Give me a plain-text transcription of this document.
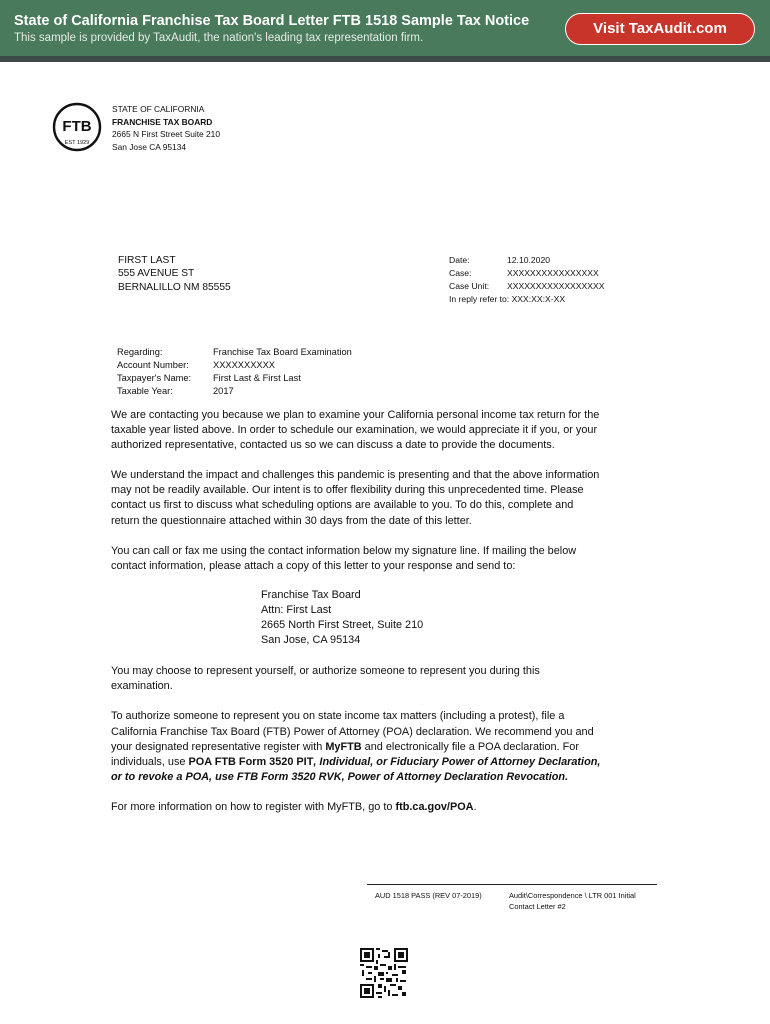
State of California Franchise Tax Board Letter FTB 1518 Sample Tax Notice
This sample is provided by TaxAudit, the nation's leading tax representation firm.
Visit TaxAudit.com
FTB
EST 1929
STATE OF CALIFORNIA
FRANCHISE TAX BOARD
2665 N First Street Suite 210
San Jose CA 95134
FIRST LAST
555 AVENUE ST
BERNALILLO NM 85555
Date:	12.10.2020
Case:	XXXXXXXXXXXXXXXX
Case Unit:	XXXXXXXXXXXXXXXXX
In reply refer to: XXX:XX:X-XX
Regarding:	Franchise Tax Board Examination
Account Number:	XXXXXXXXXX
Taxpayer's Name:	First Last & First Last
Taxable Year:	2017

We are contacting you because we plan to examine your California personal income tax return for the taxable year listed above. In order to schedule our examination, we would appreciate it if you, or your authorized representative, contacted us so we can discuss a date to provide the documents.

We understand the impact and challenges this pandemic is presenting and that the above information may not be readily available. Our intent is to offer flexibility during this unprecedented time. Please contact us first to discuss what scheduling options are available to you. To do this, complete and return the questionnaire attached within 30 days from the date of this letter.

You can call or fax me using the contact information below my signature line. If mailing the below contact information, please attach a copy of this letter to your response and send to:

Franchise Tax Board
Attn: First Last
2665 North First Street, Suite 210
San Jose, CA 95134

You may choose to represent yourself, or authorize someone to represent you during this examination.

To authorize someone to represent you on state income tax matters (including a protest), file a California Franchise Tax Board (FTB) Power of Attorney (POA) declaration. We recommend you and your designated representative register with MyFTB and electronically file a POA declaration. For individuals, use POA FTB Form 3520 PIT, Individual, or Fiduciary Power of Attorney Declaration, or to revoke a POA, use FTB Form 3520 RVK, Power of Attorney Declaration Revocation.

For more information on how to register with MyFTB, go to ftb.ca.gov/POA.

AUD 1518 PASS (REV 07-2019)	Audit\Correspondence \ LTR 001 Initial
Contact Letter #2
